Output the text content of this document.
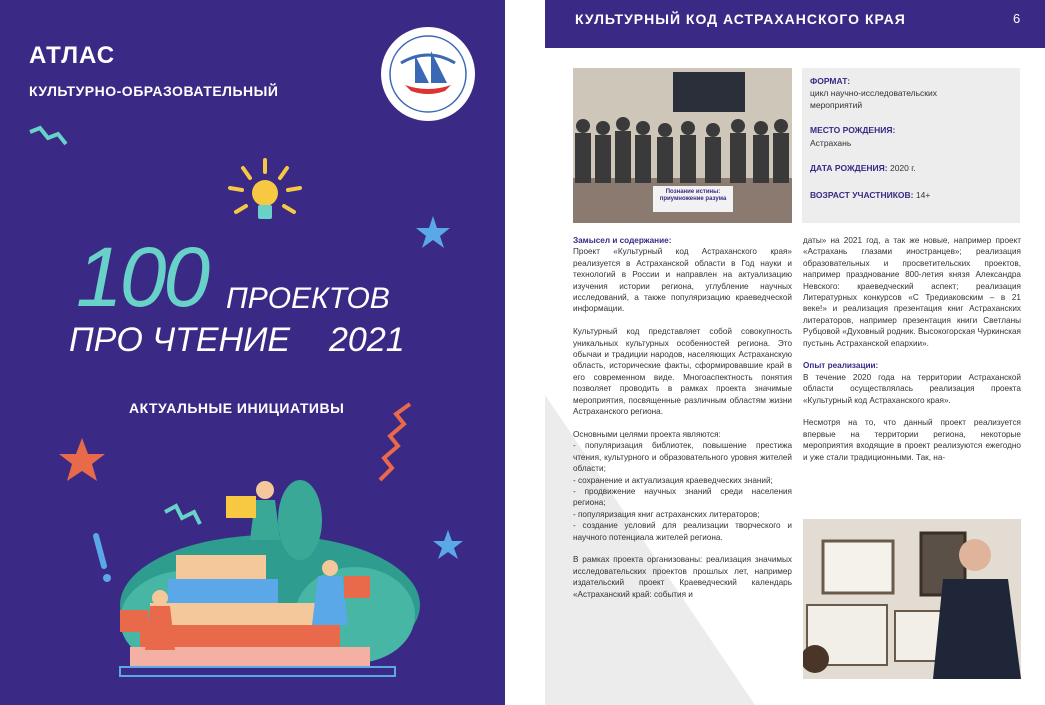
АТЛАС
КУЛЬТУРНО-ОБРАЗОВАТЕЛЬНЫЙ
100 ПРОЕКТОВ
ПРО ЧТЕНИЕ 2021
АКТУАЛЬНЫЕ ИНИЦИАТИВЫ
КУЛЬТУРНЫЙ КОД АСТРАХАНСКОГО КРАЯ	6
Познание истины: приумножение разума
ФОРМАТ:
цикл научно-исследовательских мероприятий
МЕСТО РОЖДЕНИЯ:
Астрахань
ДАТА РОЖДЕНИЯ: 2020 г.
ВОЗРАСТ УЧАСТНИКОВ: 14+
Замысел и содержание:

Проект «Культурный код Астраханского края» реализуется в Астраханской области в Год науки и технологий в России и направлен на актуализацию изучения истории региона, углубление научных исследований, а также популяризацию краеведческой информации.

Культурный код представляет собой совокупность уникальных культурных особенностей региона. Это обычаи и традиции народов, населяющих Астраханскую область, исторические факты, сформировавшие край в его современном виде. Многоаспектность понятия позволяет проводить в рамках проекта значимые мероприятия, посвященные различным областям жизни Астраханского региона.

Основными целями проекта являются:
- популяризация библиотек, повышение престижа чтения, культурного и образовательного уровня жителей области;
- сохранение и актуализация краеведческих знаний;
- продвижение научных знаний среди населения региона;
- популяризация книг астраханских литераторов;

- создание условий для реализации творческого и научного потенциала жителей региона.

В рамках проекта организованы: реализация значимых исследовательских проектов прошлых лет, например издательский проект Краеведческий календарь «Астраханский край: события и

даты» на 2021 год, а так же новые, например проект «Астрахань глазами иностранцев»; реализация образовательных и просветительских проектов, например празднование 800-летия князя Александра Невского: краеведческий аспект; реализация Литературных конкурсов «С Тредиаковским – в 21 веке!» и реализация презентация книг Астраханских литераторов, например презентация книги Светланы Рубцовой «Духовный родник. Высокогорская Чуркинская пустынь Астраханской епархии».

Опыт реализации:

В течение 2020 года на территории Астраханской области осуществлялась реализация проекта «Культурный код Астраханского края».

Несмотря на то, что данный проект реализуется впервые на территории региона, некоторые мероприятия входящие в проект реализуются ежегодно и уже стали традиционными. Так, на-
